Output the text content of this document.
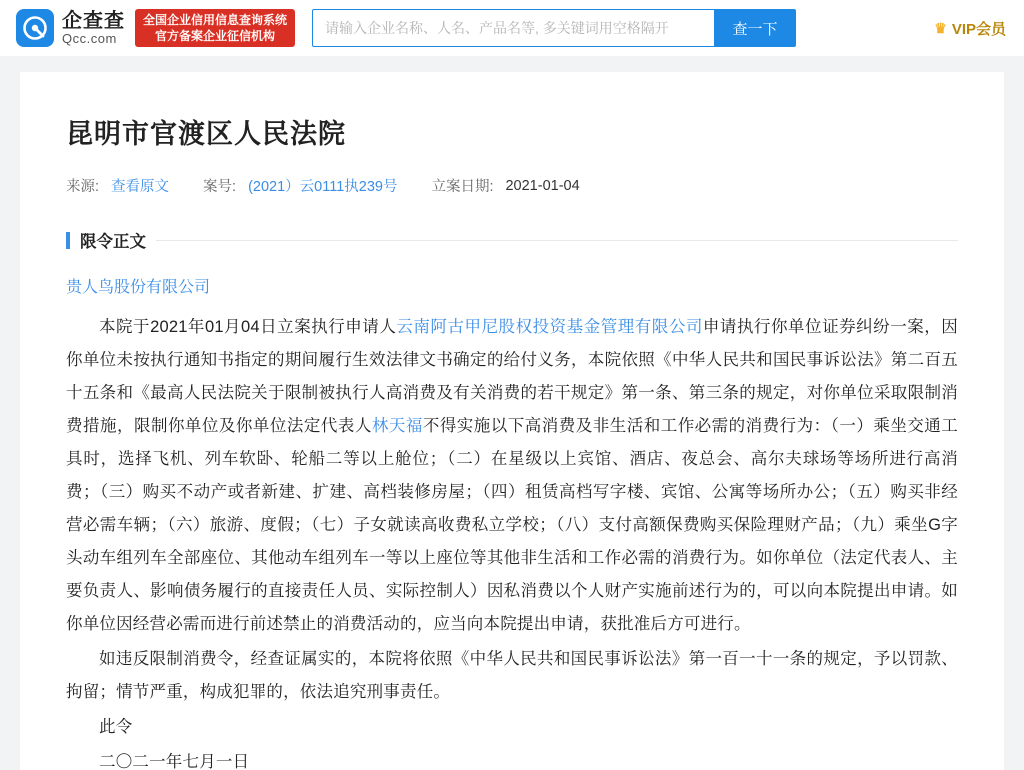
企查查
Qcc.com
全国企业信用信息查询系统
官方备案企业征信机构
请输入企业名称、人名、产品名等, 多关键词用空格隔开	查一下	♛ VIP会员
昆明市官渡区人民法院
来源: 查看原文 案号: (2021）云0111执239号 立案日期: 2021-01-04
限令正文
贵人鸟股份有限公司

本院于2021年01月04日立案执行申请人云南阿古甲尼股权投资基金管理有限公司申请执行你单位证券纠纷一案，因你单位未按执行通知书指定的期间履行生效法律文书确定的给付义务，本院依照《中华人民共和国民事诉讼法》第二百五十五条和《最高人民法院关于限制被执行人高消费及有关消费的若干规定》第一条、第三条的规定，对你单位采取限制消费措施，限制你单位及你单位法定代表人林天福不得实施以下高消费及非生活和工作必需的消费行为：（一）乘坐交通工具时，选择飞机、列车软卧、轮船二等以上舱位；（二）在星级以上宾馆、酒店、夜总会、高尔夫球场等场所进行高消费；（三）购买不动产或者新建、扩建、高档装修房屋；（四）租赁高档写字楼、宾馆、公寓等场所办公；（五）购买非经营必需车辆；（六）旅游、度假；（七）子女就读高收费私立学校；（八）支付高额保费购买保险理财产品；（九）乘坐G字头动车组列车全部座位、其他动车组列车一等以上座位等其他非生活和工作必需的消费行为。如你单位（法定代表人、主要负责人、影响债务履行的直接责任人员、实际控制人）因私消费以个人财产实施前述行为的，可以向本院提出申请。如你单位因经营必需而进行前述禁止的消费活动的，应当向本院提出申请，获批准后方可进行。

如违反限制消费令，经查证属实的，本院将依照《中华人民共和国民事诉讼法》第一百一十一条的规定，予以罚款、拘留；情节严重，构成犯罪的，依法追究刑事责任。

此令

二〇二一年七月一日
